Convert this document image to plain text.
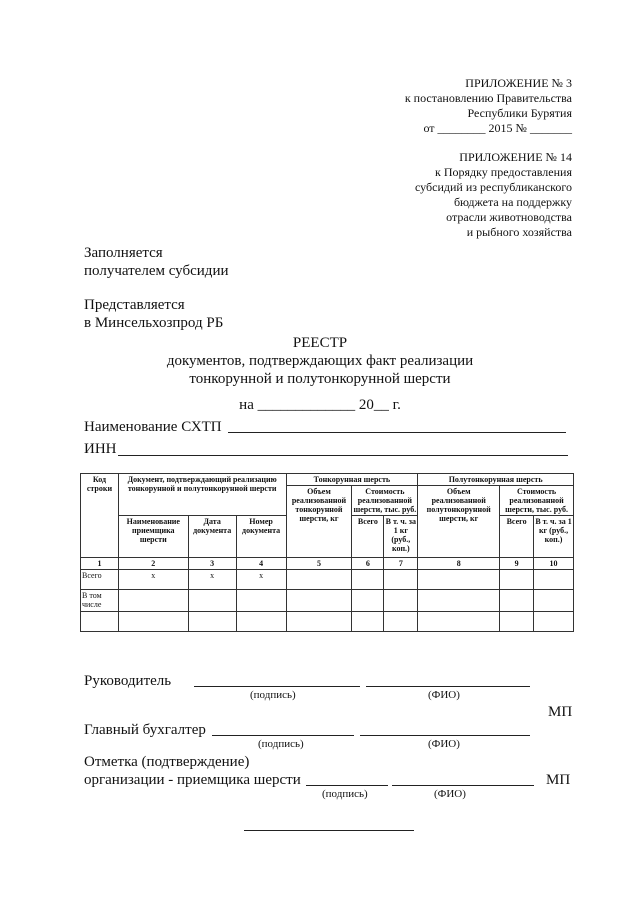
ПРИЛОЖЕНИЕ № 3
к постановлению Правительства
Республики Бурятия
от ________ 2015 № _______
ПРИЛОЖЕНИЕ № 14
к Порядку предоставления
субсидий из республиканского
бюджета на поддержку
отрасли животноводства
и рыбного хозяйства
Заполняется
получателем субсидии
Представляется
в Минсельхозпрод РБ
РЕЕСТР
документов, подтверждающих факт реализации
тонкорунной и полутонкорунной шерсти
на _____________ 20__ г.
Наименование СХТП
ИНН
Код строки	Документ, подтверждающий реализацию тонкорунной и полутонкорунной шерсти			Тонкорунная шерсть			Полутонкорунная шерсть		
				Объем реализованной тонкорунной шерсти, кг	Стоимость реализованной шерсти, тыс. руб.		Объем реализованной полутонкорунной шерсти, кг	Стоимость реализованной шерсти, тыс. руб.	
	Наименование приемщика шерсти	Дата документа	Номер документа		Всего	В т. ч. за 1 кг (руб., коп.)		Всего	В т. ч. за 1 кг (руб., коп.)
1	2	3	4	5	6	7	8	9	10
Всего	x	x	x						
В том числе									

Руководитель
(подпись)	(ФИО)
МП
Главный бухгалтер
(подпись)	(ФИО)
Отметка (подтверждение)
организации - приемщика шерсти	МП
(подпись)	(ФИО)
